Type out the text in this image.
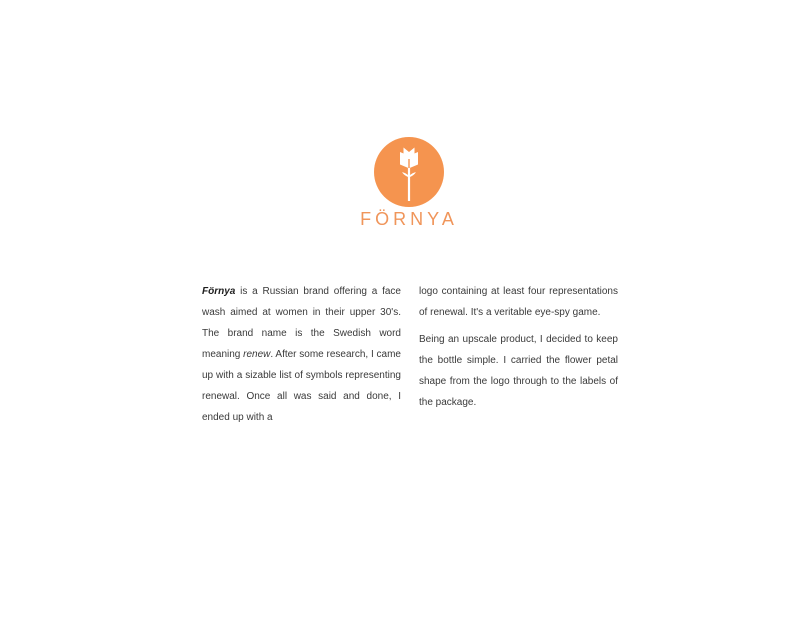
FÖRNYA

Förnya is a Russian brand offering a face wash aimed at women in their upper 30's. The brand name is the Swedish word meaning renew. After some research, I came up with a sizable list of symbols representing renewal. Once all was said and done, I ended up with a

logo containing at least four representations of renewal. It's a veritable eye-spy game.

Being an upscale product, I decided to keep the bottle simple. I carried the flower petal shape from the logo through to the labels of the package.
